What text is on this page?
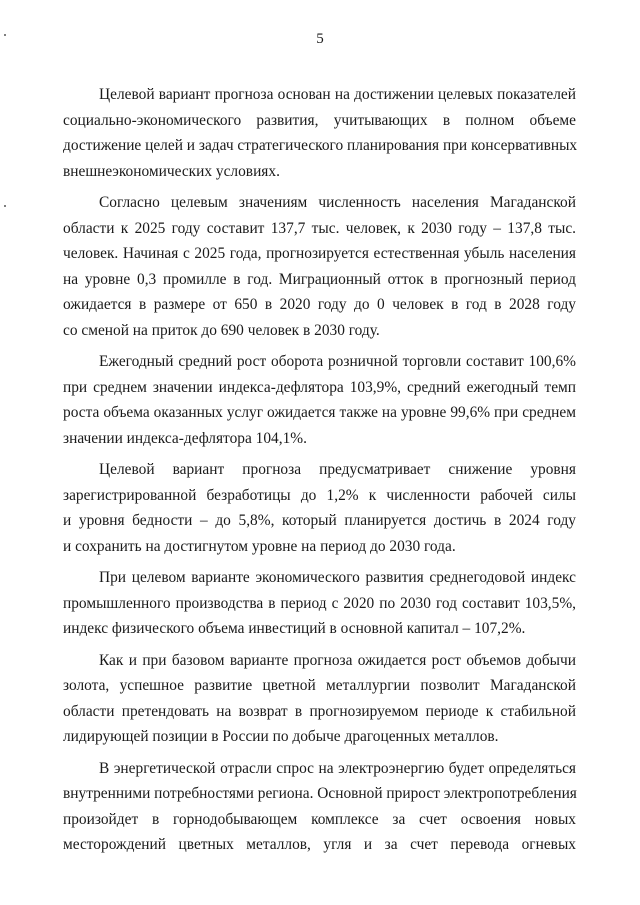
5

Целевой вариант прогноза основан на достижении целевых показателей
социально-экономического развития, учитывающих в полном объеме
достижение целей и задач стратегического планирования при консервативных
внешнеэкономических условиях.

Согласно целевым значениям численность населения Магаданской
области к 2025 году составит 137,7 тыс. человек, к 2030 году – 137,8 тыс.
человек. Начиная с 2025 года, прогнозируется естественная убыль населения
на уровне 0,3 промилле в год. Миграционный отток в прогнозный период
ожидается в размере от 650 в 2020 году до 0 человек в год в 2028 году
со сменой на приток до 690 человек в 2030 году.

Ежегодный средний рост оборота розничной торговли составит 100,6%
при среднем значении индекса-дефлятора 103,9%, средний ежегодный темп
роста объема оказанных услуг ожидается также на уровне 99,6% при среднем
значении индекса-дефлятора 104,1%.

Целевой вариант прогноза предусматривает снижение уровня
зарегистрированной безработицы до 1,2% к численности рабочей силы
и уровня бедности – до 5,8%, который планируется достичь в 2024 году
и сохранить на достигнутом уровне на период до 2030 года.

При целевом варианте экономического развития среднегодовой индекс
промышленного производства в период с 2020 по 2030 год составит 103,5%,
индекс физического объема инвестиций в основной капитал – 107,2%.

Как и при базовом варианте прогноза ожидается рост объемов добычи
золота, успешное развитие цветной металлургии позволит Магаданской
области претендовать на возврат в прогнозируемом периоде к стабильной
лидирующей позиции в России по добыче драгоценных металлов.

В энергетической отрасли спрос на электроэнергию будет определяться
внутренними потребностями региона. Основной прирост электропотребления
произойдет в горнодобывающем комплексе за счет освоения новых
месторождений цветных металлов, угля и за счет перевода огневых
